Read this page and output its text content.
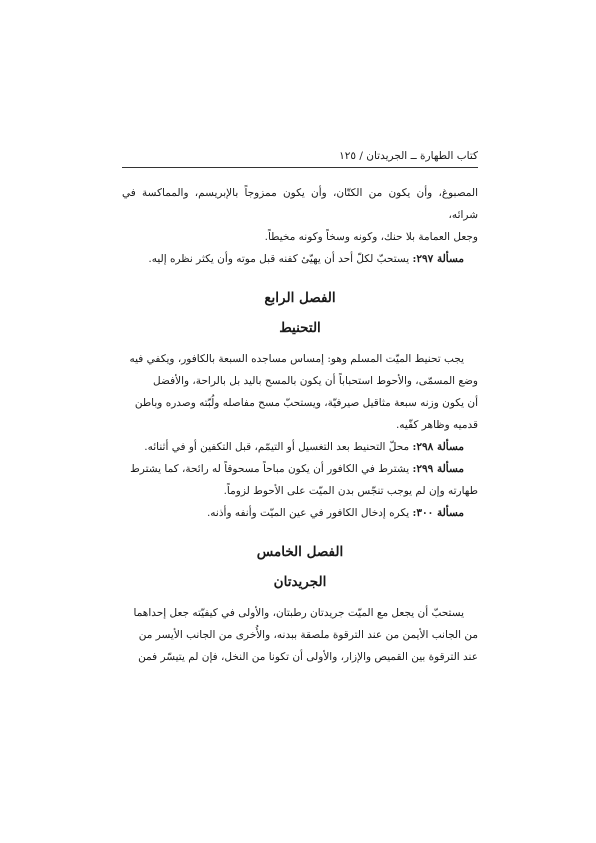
كتاب الطهارة ــ الجريدتان / ١٢٥

المصبوغ، وأن يكون من الكتّان، وأن يكون ممزوجاً بالإبريسم، والمماكسة في شرائه،

وجعل العمامة بلا حنك، وكونه وسخاً وكونه مخيطاً.

مسألة ٢٩٧: يستحبّ لكلّ أحد أن يهيّئ كفنه قبل موته وأن يكثر نظره إليه.

الفصل الرابع
التحنيط

يجب تحنيط الميّت المسلم وهو: إمساس مساجده السبعة بالكافور، ويكفي فيه

وضع المسمّى، والأحوط استحباباً أن يكون بالمسح باليد بل بالراحة، والأفضل

أن يكون وزنه سبعة مثاقيل صيرفيّة، ويستحبّ مسح مفاصله ولُبّته وصدره وباطن

قدميه وظاهر كفّيه.

مسألة ٢٩٨: محلّ التحنيط بعد التغسيل أو التيمّم، قبل التكفين أو في أثنائه.

مسألة ٢٩٩: يشترط في الكافور أن يكون مباحاً مسحوقاً له رائحة، كما يشترط

طهارته وإن لم يوجب تنجّس بدن الميّت على الأحوط لزوماً.

مسألة ٣٠٠: يكره إدخال الكافور في عين الميّت وأنفه وأذنه.

الفصل الخامس
الجريدتان

يستحبّ أن يجعل مع الميّت جريدتان رطبتان، والأولى في كيفيّته جعل إحداهما

من الجانب الأيمن من عند الترقوة ملصقة ببدنه، والأُخرى من الجانب الأيسر من

عند الترقوة بين القميص والإزار، والأولى أن تكونا من النخل، فإن لم يتيسّر فمن
